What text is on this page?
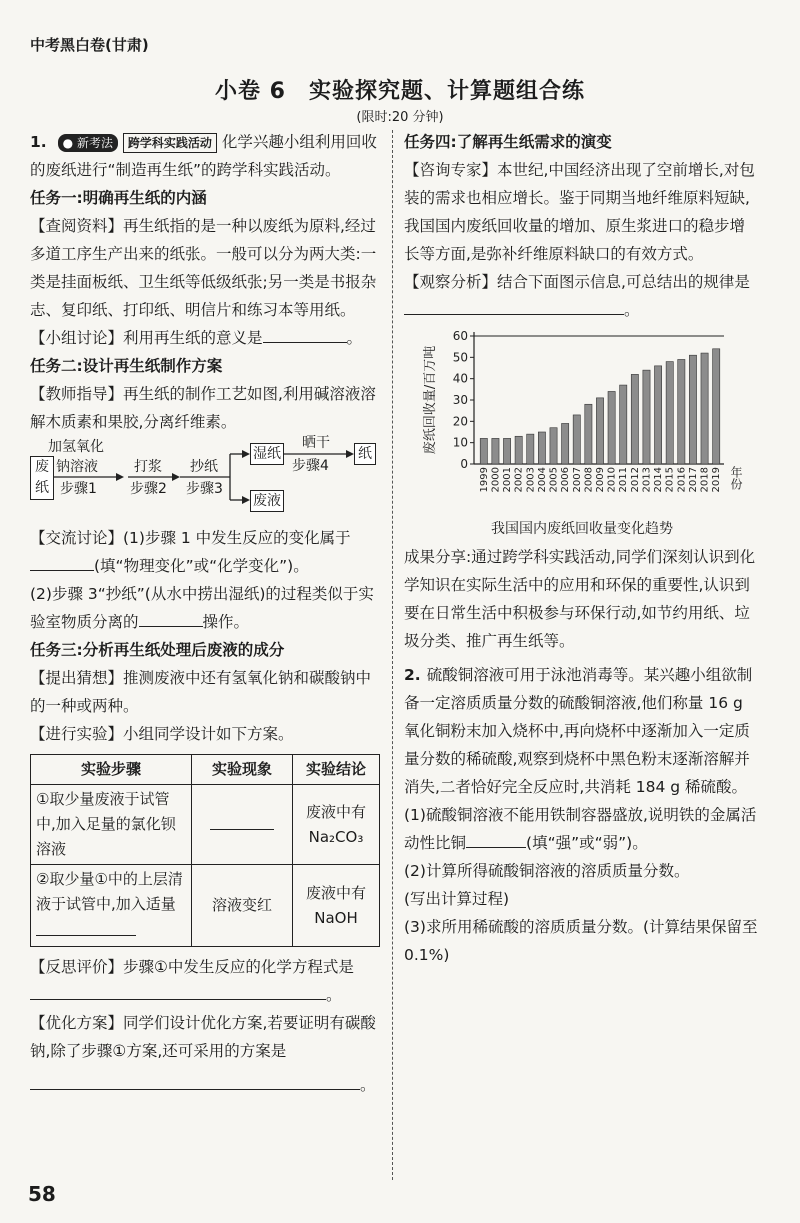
中考黑白卷(甘肃)
小卷 6　实验探究题、计算题组合练
(限时:20 分钟)

1. ● 新考法 跨学科实践活动 化学兴趣小组利用回收的废纸进行“制造再生纸”的跨学科实践活动。

任务一:明确再生纸的内涵

【查阅资料】再生纸指的是一种以废纸为原料,经过多道工序生产出来的纸张。一般可以分为两大类:一类是挂面板纸、卫生纸等低级纸张;另一类是书报杂志、复印纸、打印纸、明信片和练习本等用纸。

【小组讨论】利用再生纸的意义是	。

任务二:设计再生纸制作方案

【教师指导】再生纸的制作工艺如图,利用碱溶液溶解木质素和果胶,分离纤维素。

废纸
加氢氧化
钠溶液
步骤1
打浆
步骤2
抄纸
步骤3
湿纸
废液
晒干
步骤4
纸

【交流讨论】(1)步骤 1 中发生反应的变化属于
(填“物理变化”或“化学变化”)。

(2)步骤 3“抄纸”(从水中捞出湿纸)的过程类似于实验室物质分离的	操作。

任务三:分析再生纸处理后废液的成分

【提出猜想】推测废液中还有氢氧化钠和碳酸钠中的一种或两种。

【进行实验】小组同学设计如下方案。

实验步骤	实验现象	实验结论
①取少量废液于试管中,加入足量的氯化钡溶液		废液中有 Na₂CO₃
②取少量①中的上层清液于试管中,加入适量	溶液变红	废液中有 NaOH

【反思评价】步骤①中发生反应的化学方程式是。

【优化方案】同学们设计优化方案,若要证明有碳酸钠,除了步骤①方案,还可采用的方案是
。

任务四:了解再生纸需求的演变

【咨询专家】本世纪,中国经济出现了空前增长,对包装的需求也相应增长。鉴于同期当地纤维原料短缺,我国国内废纸回收量的增加、原生浆进口的稳步增长等方面,是弥补纤维原料缺口的有效方式。

【观察分析】结合下面图示信息,可总结出的规律是。

废纸回收量/百万吨
0
10
20
30
40
50
60
1999 2000 2001 2002 2003 2004 2005 2006 2007 2008 2009 2010 2011 2012 2013 2014 2015 2016 2017 2018 2019 年份
我国国内废纸回收量变化趋势

成果分享:通过跨学科实践活动,同学们深刻认识到化学知识在实际生活中的应用和环保的重要性,认识到要在日常生活中积极参与环保行动,如节约用纸、垃圾分类、推广再生纸等。

2. 硫酸铜溶液可用于泳池消毒等。某兴趣小组欲制备一定溶质质量分数的硫酸铜溶液,他们称量 16 g 氧化铜粉末加入烧杯中,再向烧杯中逐渐加入一定质量分数的稀硫酸,观察到烧杯中黑色粉末逐渐溶解并消失,二者恰好完全反应时,共消耗 184 g 稀硫酸。

(1)硫酸铜溶液不能用铁制容器盛放,说明铁的金属活动性比铜	(填“强”或“弱”)。

(2)计算所得硫酸铜溶液的溶质质量分数。

(写出计算过程)

(3)求所用稀硫酸的溶质质量分数。(计算结果保留至 0.1%)

58
